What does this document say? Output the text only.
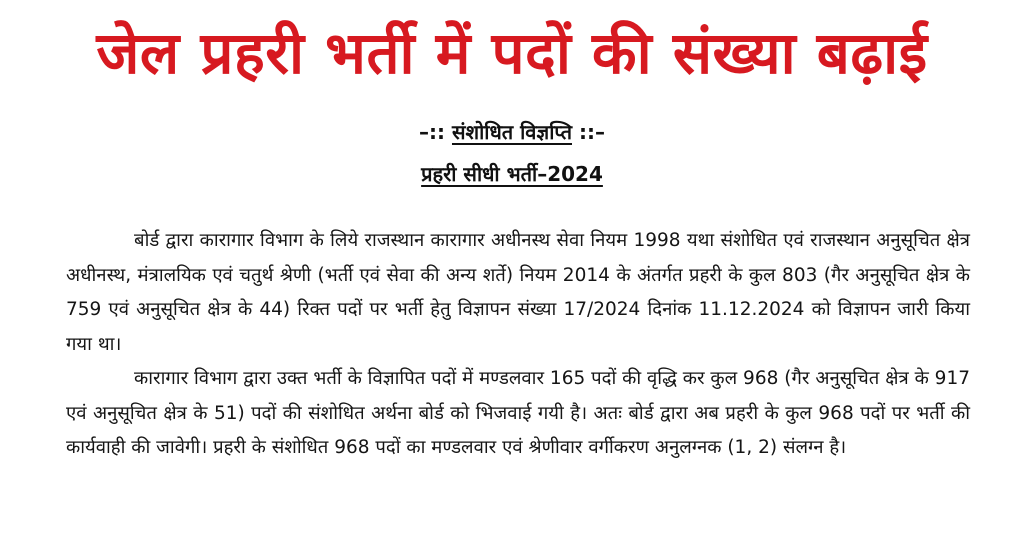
जेल प्रहरी भर्ती में पदों की संख्या बढ़ाई
–:: संशोधित विज्ञप्ति ::–
प्रहरी सीधी भर्ती–2024

बोर्ड द्वारा कारागार विभाग के लिये राजस्थान कारागार अधीनस्थ सेवा नियम 1998 यथा संशोधित एवं राजस्थान अनुसूचित क्षेत्र अधीनस्थ, मंत्रालयिक एवं चतुर्थ श्रेणी (भर्ती एवं सेवा की अन्य शर्ते) नियम 2014 के अंतर्गत प्रहरी के कुल 803 (गैर अनुसूचित क्षेत्र के 759 एवं अनुसूचित क्षेत्र के 44) रिक्त पदों पर भर्ती हेतु विज्ञापन संख्या 17/2024 दिनांक 11.12.2024 को विज्ञापन जारी किया गया था।

कारागार विभाग द्वारा उक्त भर्ती के विज्ञापित पदों में मण्डलवार 165 पदों की वृद्धि कर कुल 968 (गैर अनुसूचित क्षेत्र के 917 एवं अनुसूचित क्षेत्र के 51) पदों की संशोधित अर्थना बोर्ड को भिजवाई गयी है। अतः बोर्ड द्वारा अब प्रहरी के कुल 968 पदों पर भर्ती की कार्यवाही की जावेगी। प्रहरी के संशोधित 968 पदों का मण्डलवार एवं श्रेणीवार वर्गीकरण अनुलग्नक (1, 2) संलग्न है।
